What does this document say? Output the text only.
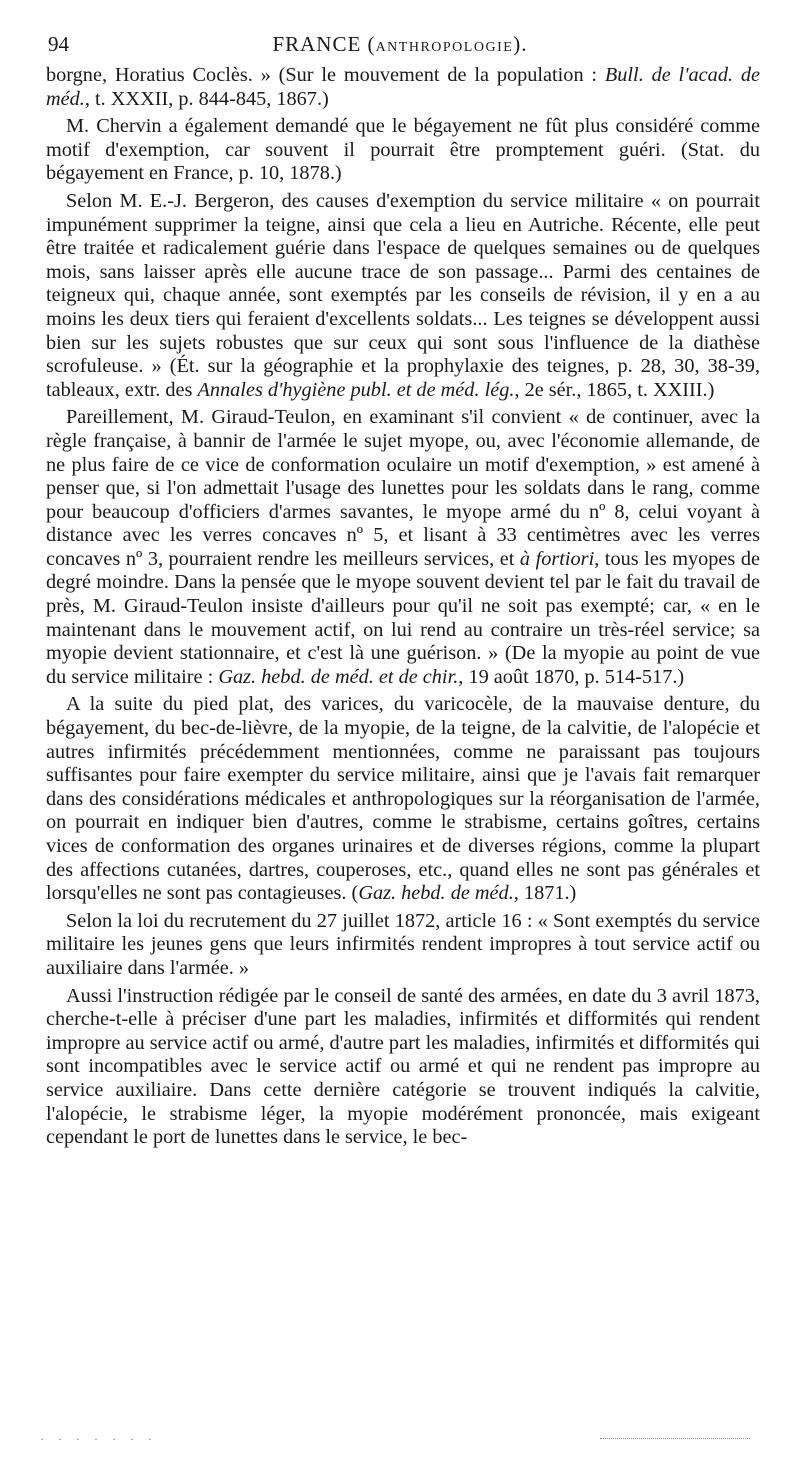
94	FRANCE (ANTHROPOLOGIE).

borgne, Horatius Coclès. » (Sur le mouvement de la population : Bull. de l'acad. de méd., t. XXXII, p. 844-845, 1867.)

M. Chervin a également demandé que le bégayement ne fût plus considéré comme motif d'exemption, car souvent il pourrait être promptement guéri. (Stat. du bégayement en France, p. 10, 1878.)

Selon M. E.-J. Bergeron, des causes d'exemption du service militaire « on pourrait impunément supprimer la teigne, ainsi que cela a lieu en Autriche. Récente, elle peut être traitée et radicalement guérie dans l'espace de quelques semaines ou de quelques mois, sans laisser après elle aucune trace de son passage... Parmi des centaines de teigneux qui, chaque année, sont exemptés par les conseils de révision, il y en a au moins les deux tiers qui feraient d'excellents soldats... Les teignes se développent aussi bien sur les sujets robustes que sur ceux qui sont sous l'influence de la diathèse scrofuleuse. » (Ét. sur la géographie et la prophylaxie des teignes, p. 28, 30, 38-39, tableaux, extr. des Annales d'hygiène publ. et de méd. lég., 2e sér., 1865, t. XXIII.)

Pareillement, M. Giraud-Teulon, en examinant s'il convient « de continuer, avec la règle française, à bannir de l'armée le sujet myope, ou, avec l'économie allemande, de ne plus faire de ce vice de conformation oculaire un motif d'exemption, » est amené à penser que, si l'on admettait l'usage des lunettes pour les soldats dans le rang, comme pour beaucoup d'officiers d'armes savantes, le myope armé du nº 8, celui voyant à distance avec les verres concaves nº 5, et lisant à 33 centimètres avec les verres concaves nº 3, pourraient rendre les meilleurs services, et à fortiori, tous les myopes de degré moindre. Dans la pensée que le myope souvent devient tel par le fait du travail de près, M. Giraud-Teulon insiste d'ailleurs pour qu'il ne soit pas exempté; car, « en le maintenant dans le mouvement actif, on lui rend au contraire un très-réel service; sa myopie devient stationnaire, et c'est là une guérison. » (De la myopie au point de vue du service militaire : Gaz. hebd. de méd. et de chir., 19 août 1870, p. 514-517.)

A la suite du pied plat, des varices, du varicocèle, de la mauvaise denture, du bégayement, du bec-de-lièvre, de la myopie, de la teigne, de la calvitie, de l'alopécie et autres infirmités précédemment mentionnées, comme ne paraissant pas toujours suffisantes pour faire exempter du service militaire, ainsi que je l'avais fait remarquer dans des considérations médicales et anthropologiques sur la réorganisation de l'armée, on pourrait en indiquer bien d'autres, comme le strabisme, certains goîtres, certains vices de conformation des organes urinaires et de diverses régions, comme la plupart des affections cutanées, dartres, couperoses, etc., quand elles ne sont pas générales et lorsqu'elles ne sont pas contagieuses. (Gaz. hebd. de méd., 1871.)

Selon la loi du recrutement du 27 juillet 1872, article 16 : « Sont exemptés du service militaire les jeunes gens que leurs infirmités rendent impropres à tout service actif ou auxiliaire dans l'armée. »

Aussi l'instruction rédigée par le conseil de santé des armées, en date du 3 avril 1873, cherche-t-elle à préciser d'une part les maladies, infirmités et difformités qui rendent impropre au service actif ou armé, d'autre part les maladies, infirmités et difformités qui sont incompatibles avec le service actif ou armé et qui ne rendent pas impropre au service auxiliaire. Dans cette dernière catégorie se trouvent indiqués la calvitie, l'alopécie, le strabisme léger, la myopie modérément prononcée, mais exigeant cependant le port de lunettes dans le service, le bec-

·······
